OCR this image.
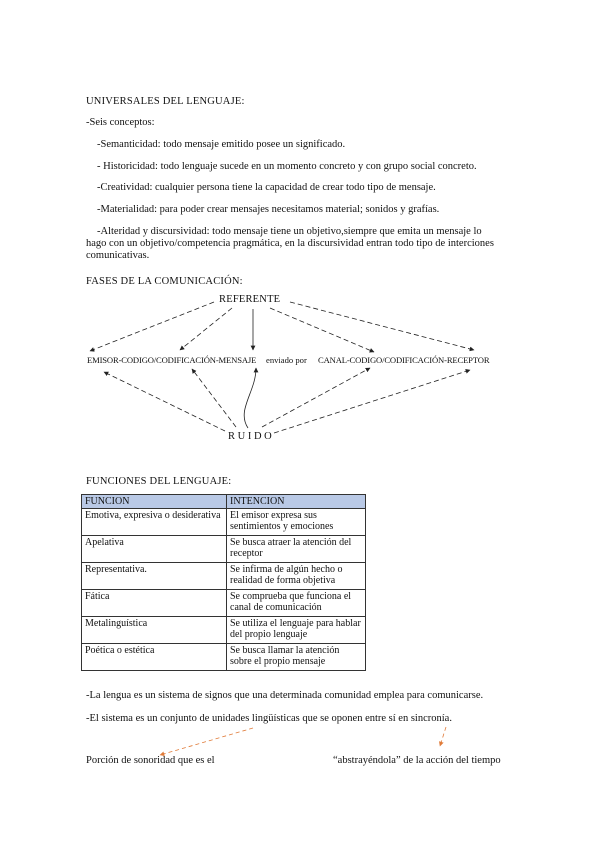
UNIVERSALES DEL LENGUAJE:
-Seis conceptos:
-Semanticidad: todo mensaje emitido posee un significado.
- Historicidad: todo lenguaje sucede en un momento concreto y con grupo social concreto.
-Creatividad: cualquier persona tiene la capacidad de crear todo tipo de mensaje.
-Materialidad: para poder crear mensajes necesitamos material; sonidos y grafías.
-Alteridad y discursividad: todo mensaje tiene un objetivo,siempre que emita un mensaje lo hago con un objetivo/competencia pragmática, en la discursividad entran todo tipo de interciones comunicativas.
FASES DE LA COMUNICACIÓN:
REFERENTE
EMISOR-CODIGO/CODIFICACIÓN-MENSAJE enviado por CANAL-CODIGO/CODIFICACIÓN-RECEPTOR
R U I D O
FUNCIONES DEL LENGUAJE:
FUNCION	INTENCION
Emotiva, expresiva o desiderativa	El emisor expresa sus sentimientos y emociones
Apelativa	Se busca atraer la atención del receptor
Representativa.	Se infirma de algún hecho o realidad de forma objetiva
Fática	Se comprueba que funciona el canal de comunicación
Metalinguística	Se utiliza el lenguaje para hablar del propio lenguaje
Poética o estética	Se busca llamar la atención sobre el propio mensaje
-La lengua es un sistema de signos que una determinada comunidad emplea para comunicarse.
-El sistema es un conjunto de unidades lingüísticas que se oponen entre sí en sincronía.
Porción de sonoridad que es el	“abstrayéndola” de la acción del tiempo
